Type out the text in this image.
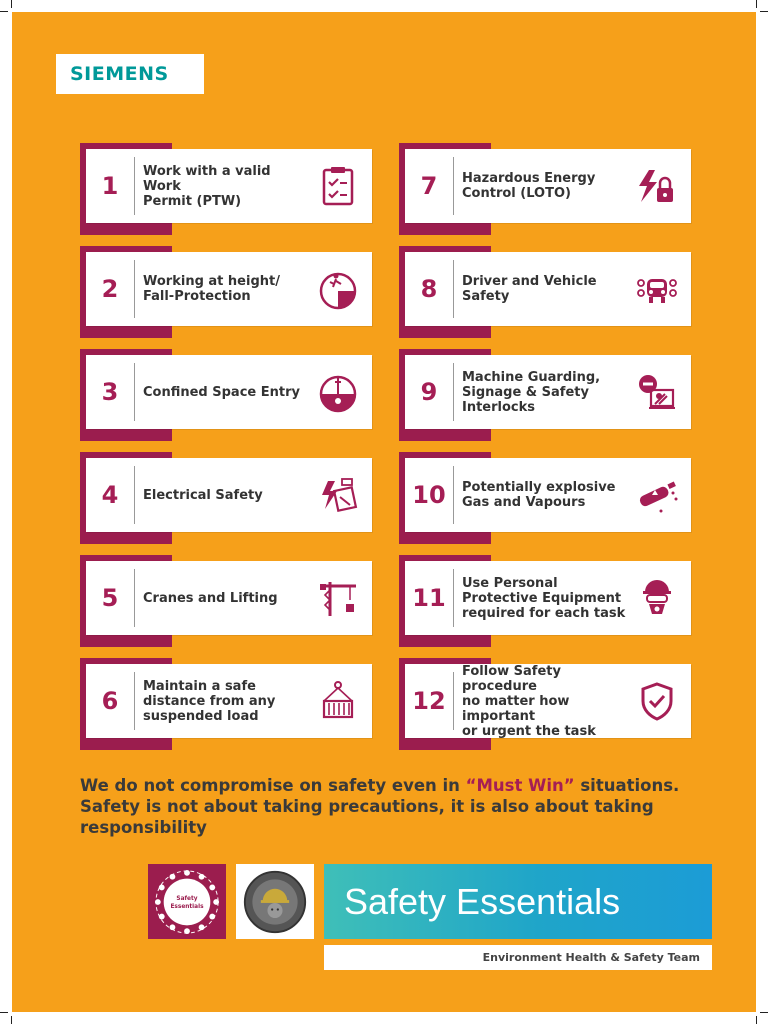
SIEMENS
1
Work with a valid Work
Permit (PTW)
2	Working at height/
Fall-Protection
3	Confined Space Entry
4	Electrical Safety
5	Cranes and Lifting
6
Maintain a safe
distance from any
suspended load
7	Hazardous Energy
Control (LOTO)
8	Driver and Vehicle
Safety
9
Machine Guarding,
Signage & Safety
Interlocks
10	Potentially explosive
Gas and Vapours
11
Use Personal
Protective Equipment
required for each task
12
Follow Safety procedure
no matter how important
or urgent the task

We do not compromise on safety even in “Must Win” situations. Safety is not about taking precautions, it is also about taking responsibility

Safety
Essentials	Safety Essentials
Environment Health & Safety Team
